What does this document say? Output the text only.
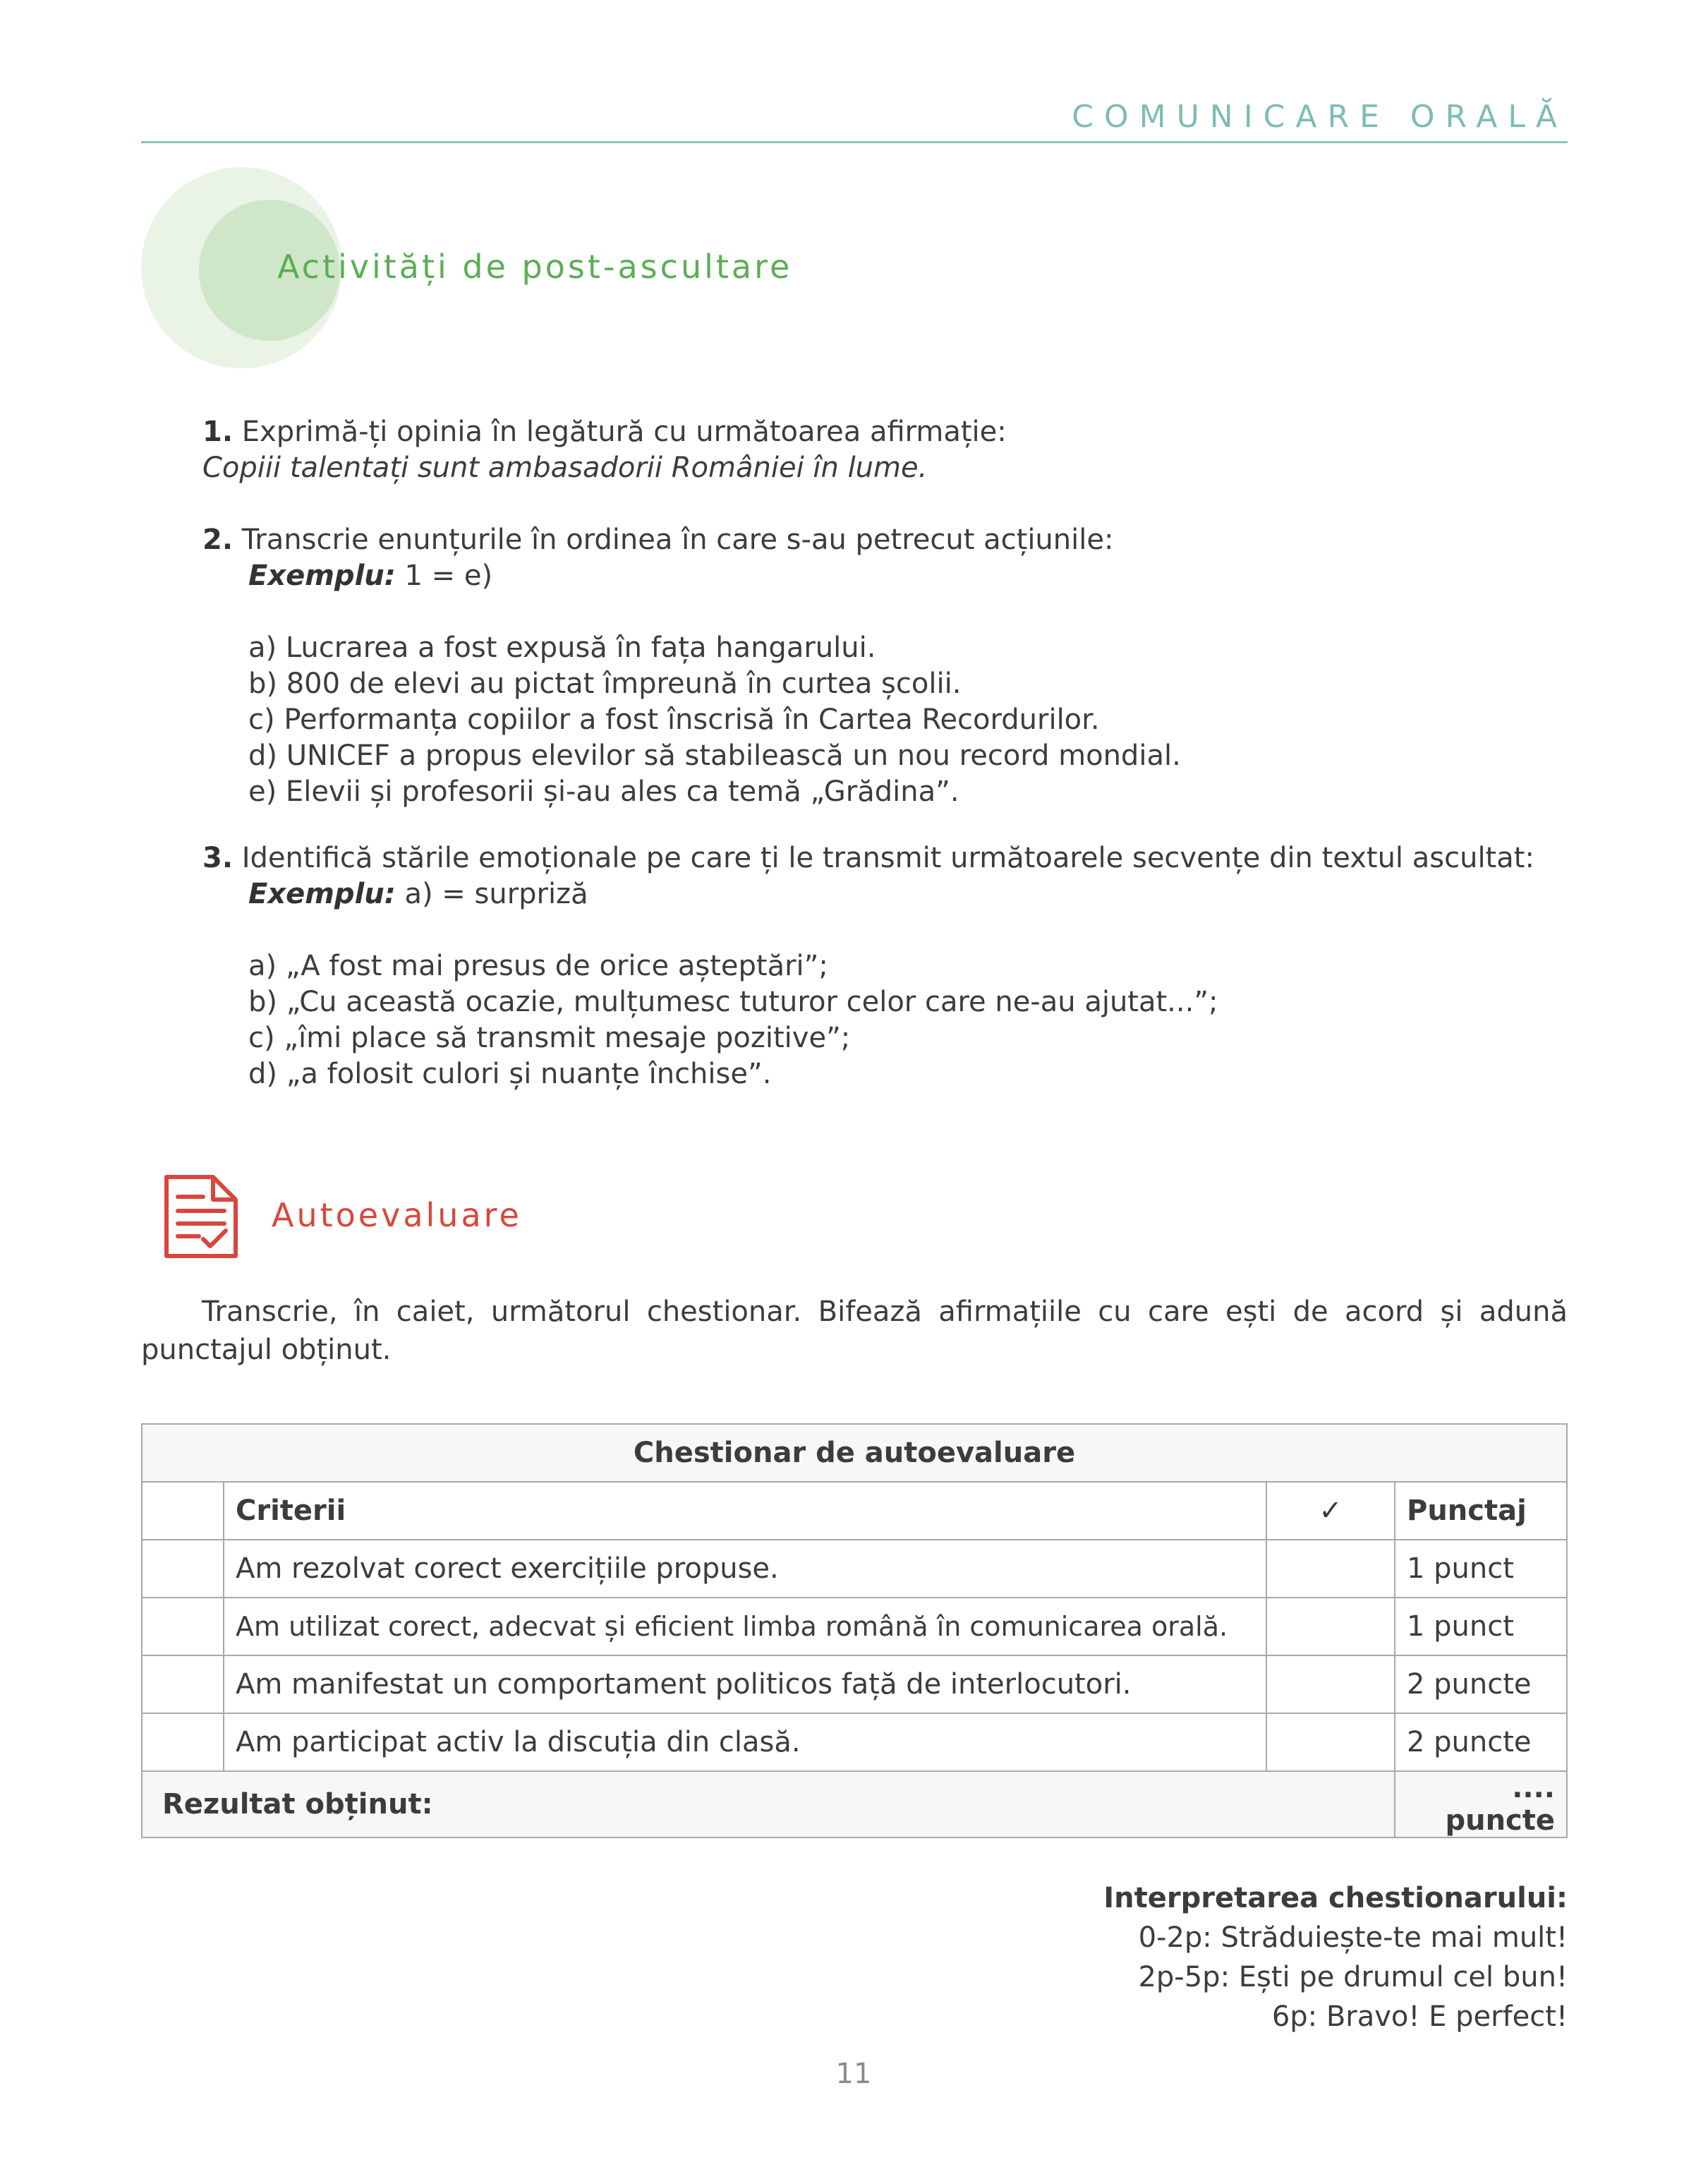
COMUNICARE ORALĂ
Activități de post-ascultare
1. Exprimă-ți opinia în legătură cu următoarea afirmație:
Copiii talentați sunt ambasadorii României în lume.
2. Transcrie enunțurile în ordinea în care s-au petrecut acțiunile:
Exemplu: 1 = e)
a) Lucrarea a fost expusă în fața hangarului.
b) 800 de elevi au pictat împreună în curtea școlii.
c) Performanța copiilor a fost înscrisă în Cartea Recordurilor.
d) UNICEF a propus elevilor să stabilească un nou record mondial.
e) Elevii și profesorii și-au ales ca temă „Grădina”.
3. Identifică stările emoționale pe care ți le transmit următoarele secvențe din textul ascultat:
Exemplu: a) = surpriză
a) „A fost mai presus de orice așteptări”;
b) „Cu această ocazie, mulțumesc tuturor celor care ne-au ajutat...”;
c) „îmi place să transmit mesaje pozitive”;
d) „a folosit culori și nuanțe închise”.
Autoevaluare
Transcrie, în caiet, următorul chestionar. Bifează afirmațiile cu care ești de acord și adună punctajul obținut.
Chestionar de autoevaluare			
	Criterii	✓	Punctaj
	Am rezolvat corect exercițiile propuse.		1 punct
	Am utilizat corect, adecvat și eficient limba română în comunicarea orală.		1 punct
	Am manifestat un comportament politicos față de interlocutori.		2 puncte
	Am participat activ la discuția din clasă.		2 puncte
Rezultat obținut:			.... puncte
Interpretarea chestionarului:
0-2p: Străduiește-te mai mult!
2p-5p: Ești pe drumul cel bun!
6p: Bravo! E perfect!
11
